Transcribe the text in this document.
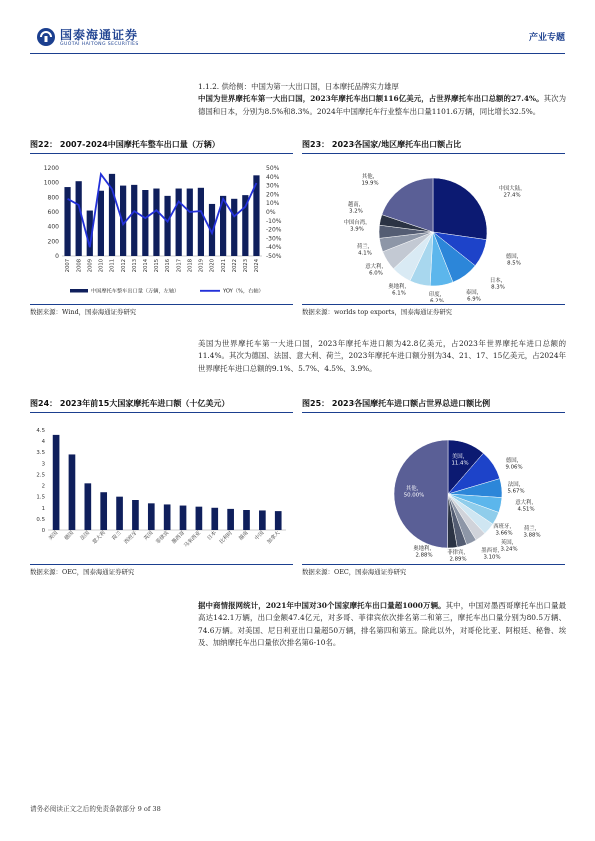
国泰海通证券
GUOTAI HAITONG SECURITIES
产业专题
1.1.2. 供给侧：中国为第一大出口国，日本摩托品牌实力雄厚
中国为世界摩托车第一大出口国，2023年摩托车出口额116亿美元，占世界摩托车出口总额的27.4%。其次为德国和日本，分别为8.5%和8.3%。2024年中国摩托车行业整车出口量1101.6万辆，同比增长32.5%。
图22： 2007-2024中国摩托车整车出口量（万辆）
0
200
400
600
800
1000
1200
-50%
-40%
-30%
-20%
-10%
0%
10%
20%
30%
40%
50%
2007 2008 2009 2010 2011 2012 2013 2014 2015 2016 2017 2018 2019 2020 2021 2022 2023 2024
中国摩托车整车出口量（万辆，左轴）	YOY（%，右轴）
数据来源：Wind，国泰海通证券研究
图23： 2023各国家/地区摩托车出口额占比
中国大陆， 27.4%
德国， 8.5%
日本， 8.3%
泰国， 6.9%
印度， 6.2%
奥地利， 6.1%
意大利， 6.0%
荷兰， 4.1%
中国台湾， 3.9%
越南， 3.2%
其他， 19.9%
数据来源：worlds top exports，国泰海通证券研究
美国为世界摩托车第一大进口国，2023年摩托车进口额为42.8亿美元，占2023年世界摩托车进口总额的11.4%。其次为德国、法国、意大利、荷兰，2023年摩托车进口额分别为34、21、17、15亿美元，占2024年世界摩托车进口总额的9.1%、5.7%、4.5%、3.9%。
图24： 2023年前15大国家摩托车进口额（十亿美元）
0
0.5
1
1.5
2
2.5
3
3.5
4
4.5
美国 德国 法国 意大利 荷兰 西班牙 英国 菲律宾 墨西哥
马来西亚 日本 比利时 越南 中国 加拿大
数据来源：OEC，国泰海通证券研究
图25： 2023各国摩托车进口额占世界总进口额比例
美国， 11.4%	德国， 9.06%
法国， 5.67%
意大利， 4.51%
荷兰， 3.88%
西班牙， 3.66%
英国， 3.24%
墨西哥， 3.10%
菲律宾， 2.89%
奥地利， 2.88%
其他， 50.00%
数据来源：OEC，国泰海通证券研究
据中商情报网统计，2021年中国对30个国家摩托车出口量超1000万辆。其中，中国对墨西哥摩托车出口量最高达142.1万辆，出口金额47.4亿元，对多哥、菲律宾依次排名第二和第三，摩托车出口量分别为80.5万辆、74.6万辆。对美国、尼日利亚出口量超50万辆，排名第四和第五。除此以外，对哥伦比亚、阿根廷、秘鲁、埃及、加纳摩托车出口量依次排名第6-10名。
请务必阅读正文之后的免责条款部分 9 of 38
